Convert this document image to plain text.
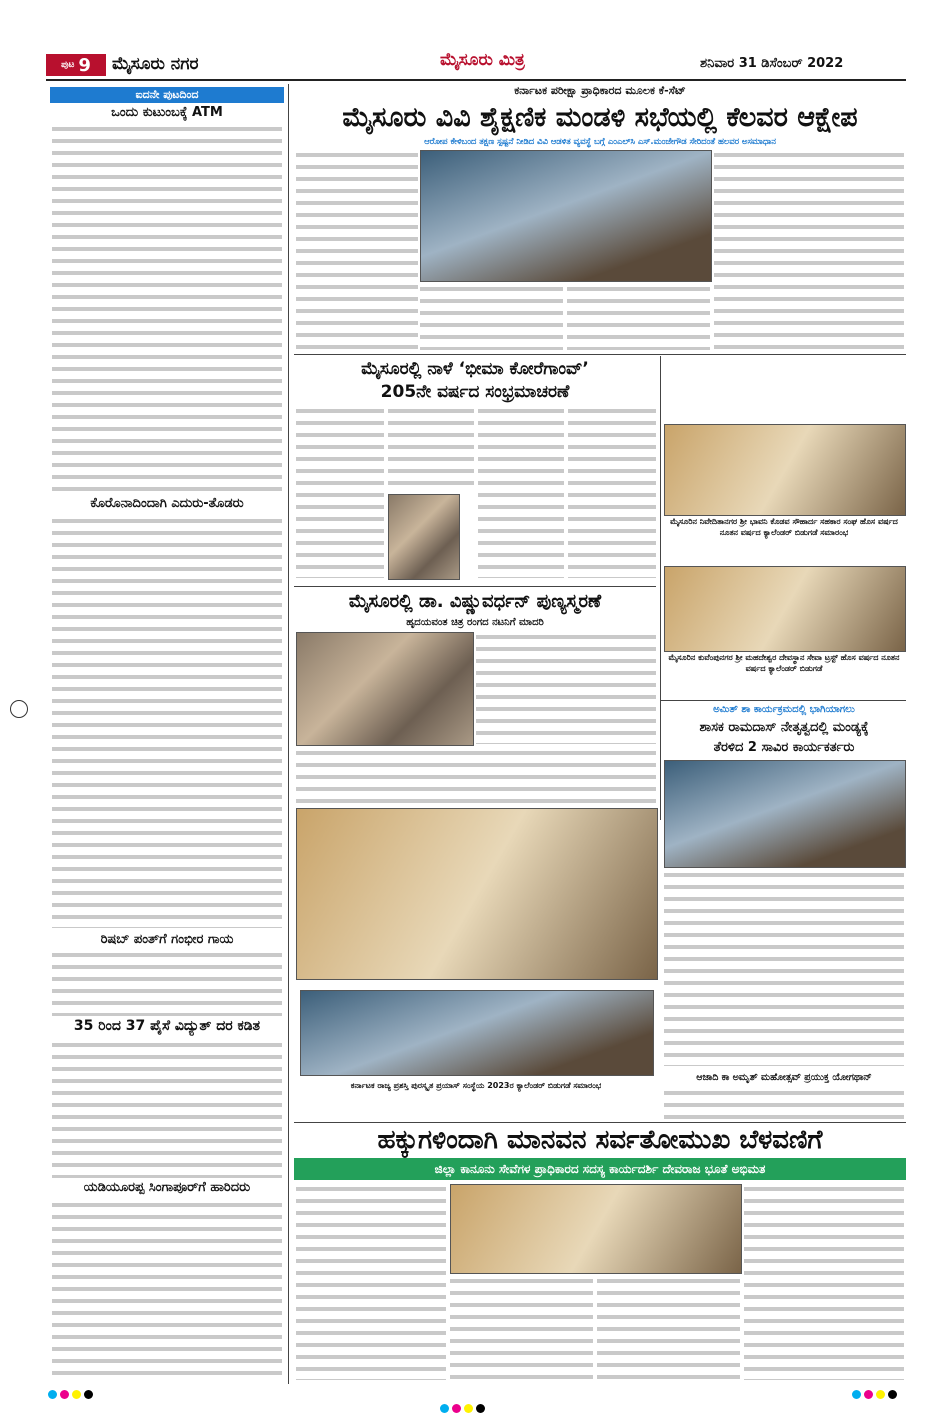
ಪುಟ 9 ಮೈಸೂರು ನಗರ	ಮೈಸೂರು ಮಿತ್ರ	ಶನಿವಾರ 31 ಡಿಸೆಂಬರ್ 2022
ಐದನೇ ಪುಟದಿಂದ
ಒಂದು ಕುಟುಂಬಕ್ಕೆ ATM
ಕೊರೊನಾದಿಂದಾಗಿ ಎದುರು-ತೊಡರು
ರಿಷಬ್ ಪಂತ್‌ಗೆ ಗಂಭೀರ ಗಾಯ
35 ರಿಂದ 37 ಪೈಸೆ ವಿದ್ಯುತ್ ದರ ಕಡಿತ
ಯಡಿಯೂರಪ್ಪ ಸಿಂಗಾಪೂರ್‌ಗೆ ಹಾರಿದರು
ಕರ್ನಾಟಕ ಪರೀಕ್ಷಾ ಪ್ರಾಧಿಕಾರದ ಮೂಲಕ ಕೆ-ಸೆಟ್
ಮೈಸೂರು ವಿವಿ ಶೈಕ್ಷಣಿಕ ಮಂಡಳಿ ಸಭೆಯಲ್ಲಿ ಕೆಲವರ ಆಕ್ಷೇಪ
ಆರೋಪ ಕೇಳಿಬಂದ ತಕ್ಷಣ ಸ್ಪಷ್ಟನೆ ನೀಡಿದ ವಿವಿ ಆಡಳಿತ ವ್ಯವಸ್ಥೆ ಬಗ್ಗೆ ಎಂಎಲ್‌ಸಿ ಎಸ್.ಮಂಜೇಗೌಡ ಸೇರಿದಂತೆ ಹಲವರ ಅಸಮಾಧಾನ
ಮೈಸೂರಲ್ಲಿ ನಾಳೆ ‘ಭೀಮಾ ಕೋರೆಗಾಂವ್’
205ನೇ ವರ್ಷದ ಸಂಭ್ರಮಾಚರಣೆ
ಮೈಸೂರಿನ ನಿವೇದಿತಾನಗರ ಶ್ರೀ ಭಾವನಿ ಕೊಡವ ಸೌಹಾರ್ದ ಸಹಕಾರ ಸಂಘ ಹೊಸ ವರ್ಷದ ನೂತನ ವರ್ಷದ ಕ್ಯಾಲೆಂಡರ್ ಬಿಡುಗಡೆ ಸಮಾರಂಭ
ಮೈಸೂರಿನ ಕುವೆಂಪುನಗರ ಶ್ರೀ ಮಹದೇಶ್ವರ ದೇವಸ್ಥಾನ ಸೇವಾ ಟ್ರಸ್ಟ್ ಹೊಸ ವರ್ಷದ ನೂತನ ವರ್ಷದ ಕ್ಯಾಲೆಂಡರ್ ಬಿಡುಗಡೆ
ಮೈಸೂರಲ್ಲಿ ಡಾ. ವಿಷ್ಣುವರ್ಧನ್ ಪುಣ್ಯಸ್ಮರಣೆ
ಹೃದಯವಂತ ಚಿತ್ರ ರಂಗದ ನಟನಿಗೆ ಮಾದರಿ
ಅಮಿತ್ ಶಾ ಕಾರ್ಯಕ್ರಮದಲ್ಲಿ ಭಾಗಿಯಾಗಲು
ಶಾಸಕ ರಾಮದಾಸ್ ನೇತೃತ್ವದಲ್ಲಿ ಮಂಡ್ಯಕ್ಕೆ
ತೆರಳಿದ 2 ಸಾವಿರ ಕಾರ್ಯಕರ್ತರು
ಆಜಾದಿ ಕಾ ಅಮೃತ್ ಮಹೋತ್ಸವ್ ಪ್ರಯುಕ್ತ ಯೋಗಥಾನ್
ಕರ್ನಾಟಕ ರಾಜ್ಯ ಪ್ರಶಸ್ತಿ ಪುರಸ್ಕೃತ ಪ್ರಯಾಸ್ ಸಂಸ್ಥೆಯ 2023ರ ಕ್ಯಾಲೆಂಡರ್ ಬಿಡುಗಡೆ ಸಮಾರಂಭ
ಹಕ್ಕುಗಳಿಂದಾಗಿ ಮಾನವನ ಸರ್ವತೋಮುಖ ಬೆಳವಣಿಗೆ
ಜಿಲ್ಲಾ ಕಾನೂನು ಸೇವೆಗಳ ಪ್ರಾಧಿಕಾರದ ಸದಸ್ಯ ಕಾರ್ಯದರ್ಶಿ ದೇವರಾಜ ಭೂತೆ ಅಭಿಮತ
